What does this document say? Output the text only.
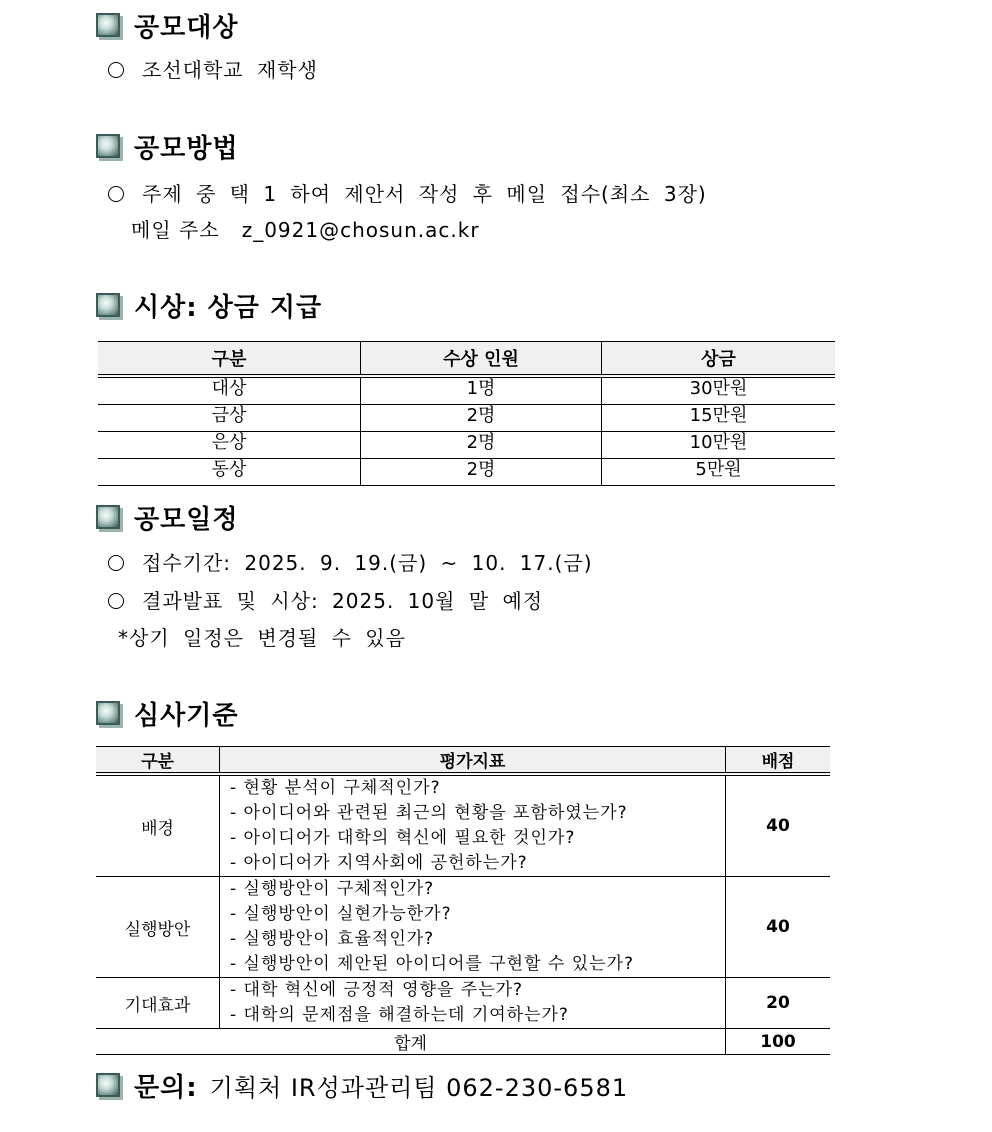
공모대상
조선대학교 재학생
공모방법
주제 중 택 1 하여 제안서 작성 후 메일 접수(최소 3장)
메일 주소   z_0921@chosun.ac.kr
시상: 상금 지급
구분	수상 인원	상금
대상	1명	30만원
금상	2명	15만원
은상	2명	10만원
동상	2명	5만원
공모일정
접수기간: 2025. 9. 19.(금) ~ 10. 17.(금)
결과발표 및 시상: 2025. 10월 말 예정
*상기 일정은 변경될 수 있음
심사기준
구분	평가지표	배점
배경	- 현황 분석이 구체적인가?
- 아이디어와 관련된 최근의 현황을 포함하였는가?
- 아이디어가 대학의 혁신에 필요한 것인가?
- 아이디어가 지역사회에 공헌하는가?	40
실행방안	- 실행방안이 구체적인가?
- 실행방안이 실현가능한가?
- 실행방안이 효율적인가?
- 실행방안이 제안된 아이디어를 구현할 수 있는가?	40
기대효과	- 대학 혁신에 긍정적 영향을 주는가?
- 대학의 문제점을 해결하는데 기여하는가?	20
합계		100
문의: 기획처 IR성과관리팀 062-230-6581
